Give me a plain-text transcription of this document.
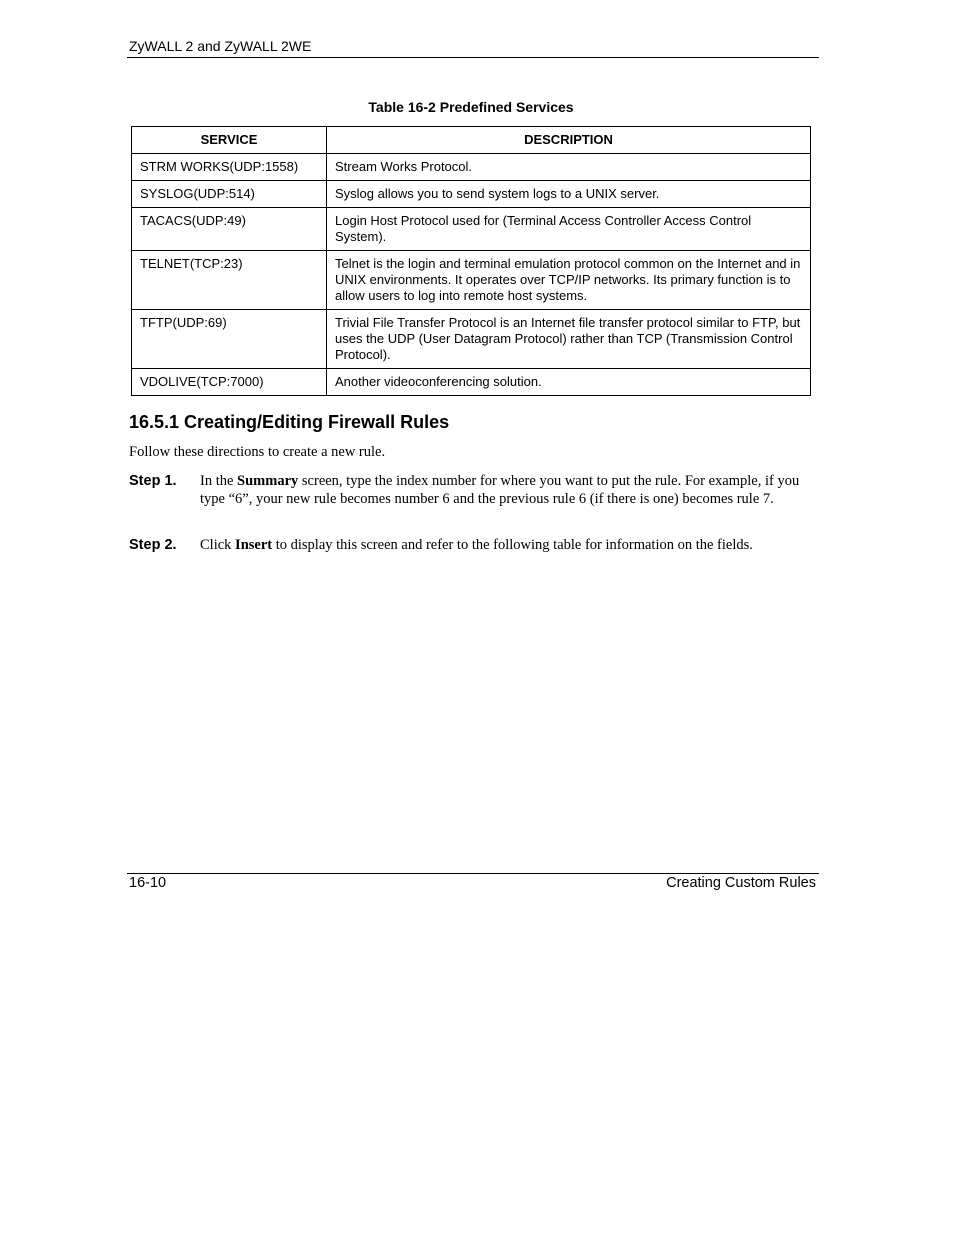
ZyWALL 2 and ZyWALL 2WE
Table 16-2 Predefined Services
SERVICE	DESCRIPTION
STRM WORKS(UDP:1558)	Stream Works Protocol.
SYSLOG(UDP:514)	Syslog allows you to send system logs to a UNIX server.
TACACS(UDP:49)	Login Host Protocol used for (Terminal Access Controller Access Control System).
TELNET(TCP:23)	Telnet is the login and terminal emulation protocol common on the Internet and in UNIX environments. It operates over TCP/IP networks. Its primary function is to allow users to log into remote host systems.
TFTP(UDP:69)	Trivial File Transfer Protocol is an Internet file transfer protocol similar to FTP, but uses the UDP (User Datagram Protocol) rather than TCP (Transmission Control Protocol).
VDOLIVE(TCP:7000)	Another videoconferencing solution.
16.5.1 Creating/Editing Firewall Rules
Follow these directions to create a new rule.
Step 1. In the Summary screen, type the index number for where you want to put the rule. For example, if you type “6”, your new rule becomes number 6 and the previous rule 6 (if there is one) becomes rule 7.
Step 2. Click Insert to display this screen and refer to the following table for information on the fields.
16-10	Creating Custom Rules
